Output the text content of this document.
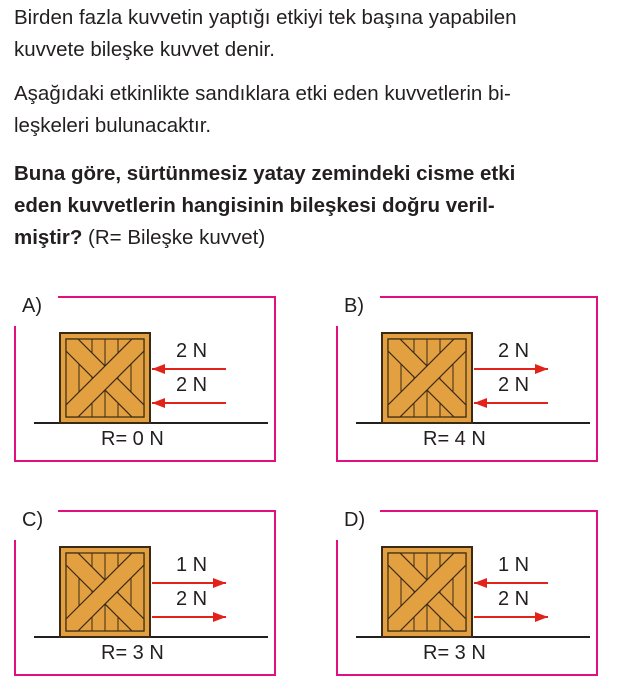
Birden fazla kuvvetin yaptığı etkiyi tek başına yapabilen
kuvvete bileşke kuvvet denir.

Aşağıdaki etkinlikte sandıklara etki eden kuvvetlerin bi-
leşkeleri bulunacaktır.

Buna göre, sürtünmesiz yatay zemindeki cisme etki
eden kuvvetlerin hangisinin bileşkesi doğru veril-
miştir? (R= Bileşke kuvvet)

A)
2 N
2 N
R= 0 N
B)
2 N
2 N
R= 4 N
C)
1 N
2 N
R= 3 N
D)
1 N
2 N
R= 3 N
